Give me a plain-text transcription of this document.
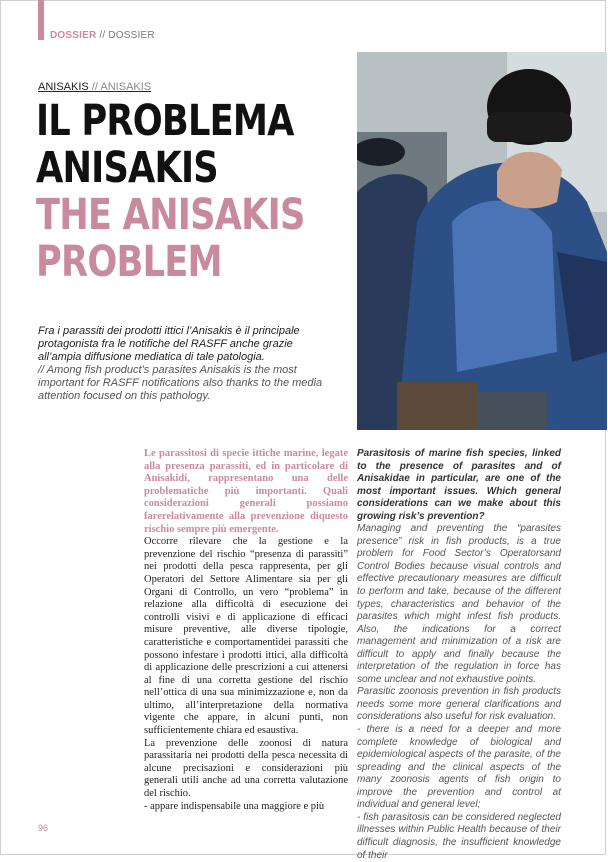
DOSSIER // DOSSIER
ANISAKIS // ANISAKIS
IL PROBLEMA
ANISAKIS
THE ANISAKIS
PROBLEM

Fra i parassiti dei prodotti ittici l’Anisakis è il principale protagonista fra le notifiche del RASFF anche grazie all’ampia diffusione mediatica di tale patologia.

// Among fish product’s parasites Anisakis is the most important for RASFF notifications also thanks to the media attention focused on this pathology.

Le parassitosi di specie ittiche marine, legate alla presenza parassiti, ed in particolare di Anisakidi, rappresentano una delle problematiche più importanti. Quali considerazioni generali possiamo farerelativamente alla prevenzione diquesto rischio sempre più emergente.

Occorre rilevare che la gestione e la prevenzione del rischio “presenza di parassiti” nei prodotti della pesca rappresenta, per gli Operatori del Settore Alimentare sia per gli Organi di Controllo, un vero “problema” in relazione alla difficoltà di esecuzione dei controlli visivi e di applicazione di efficaci misure preventive, alle diverse tipologie, caratteristiche e comportamentidei parassiti che possono infestare i prodotti ittici, alla difficoltà di applicazione delle prescrizioni a cui attenersi al fine di una corretta gestione del rischio nell’ottica di una sua minimizzazione e, non da ultimo, all’interpretazione della normativa vigente che appare, in alcuni punti, non sufficientemente chiara ed esaustiva.

La prevenzione delle zoonosi di natura parassitaria nei prodotti della pesca necessita di alcune precisazioni e considerazioni più generali utili anche ad una corretta valutazione del rischio.

- appare indispensabile una maggiore e più

Parasitosis of marine fish species, linked to the presence of parasites and of Anisakidae in particular, are one of the most important issues. Which general considerations can we make about this growing risk’s prevention?

Managing and preventing the “parasites presence” risk in fish products, is a true problem for Food Sector’s Operatorsand Control Bodies because visual controls and effective precautionary measures are difficult to perform and take, because of the different types, characteristics and behavior of the parasites which might infest fish products. Also, the indications for a correct management and minimization of a risk are difficult to apply and finally because the interpretation of the regulation in force has some unclear and not exhaustive points.

Parasitic zoonosis prevention in fish products needs some more general clarifications and considerations also useful for risk evaluation.

- there is a need for a deeper and more complete knowledge of biological and epidemiological aspects of the parasite, of the spreading and the clinical aspects of the many zoonosis agents of fish origin to improve the prevention and control at individual and general level;

- fish parasitosis can be considered neglected illnesses within Public Health because of their difficult diagnosis, the insufficient knowledge of their

96
